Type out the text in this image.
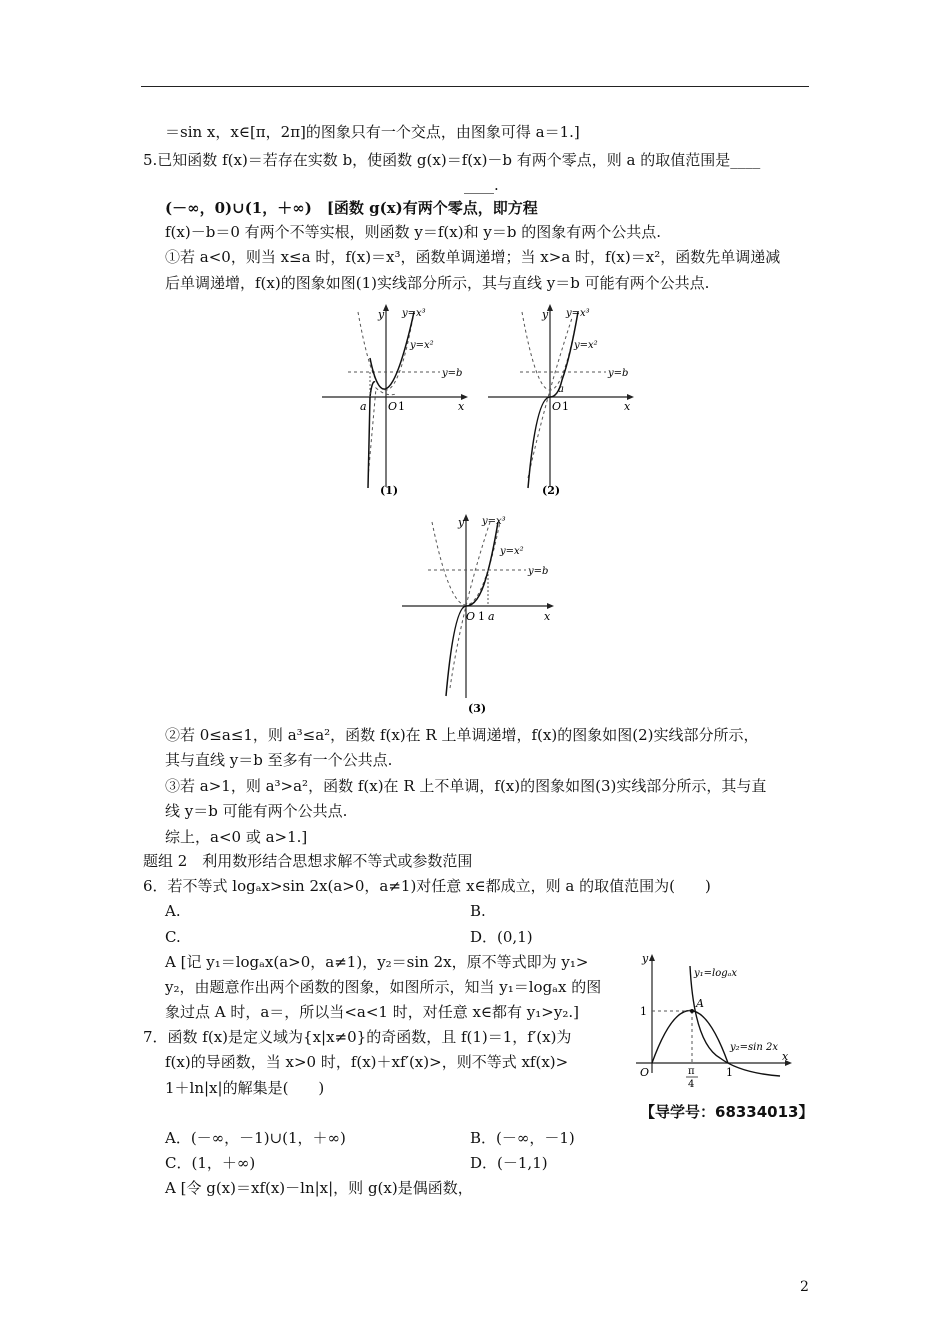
＝sin x，x∈[π，2π]的图象只有一个交点，由图象可得 a＝1.]
5.已知函数 f(x)＝若存在实数 b，使函数 g(x)＝f(x)－b 有两个零点，则 a 的取值范围是____
____.
(－∞，0)∪(1，＋∞)　[函数 g(x)有两个零点，即方程
f(x)－b＝0 有两个不等实根，则函数 y＝f(x)和 y＝b 的图象有两个公共点.
①若 a<0，则当 x≤a 时，f(x)＝x³，函数单调递增；当 x>a 时，f(x)＝x²，函数先单调递减
后单调递增，f(x)的图象如图(1)实线部分所示，其与直线 y＝b 可能有两个公共点.
y
x
O 1
a
y=x³
y=x²
y=b
(1)
y
x
O 1
a
y=x³
y=x²
y=b
(2)
y
x
O 1 a
y=x³
y=x²
y=b
(3)
②若 0≤a≤1，则 a³≤a²，函数 f(x)在 R 上单调递增，f(x)的图象如图(2)实线部分所示，
其与直线 y＝b 至多有一个公共点.
③若 a>1，则 a³>a²，函数 f(x)在 R 上不单调，f(x)的图象如图(3)实线部分所示，其与直
线 y＝b 可能有两个公共点.
综上，a<0 或 a>1.]
题组 2　利用数形结合思想求解不等式或参数范围
6．若不等式 logₐx>sin 2x(a>0，a≠1)对任意 x∈都成立，则 a 的取值范围为(　　)
A.	B.
C.	D．(0,1)
A [记 y₁＝logₐx(a>0，a≠1)，y₂＝sin 2x，原不等式即为 y₁>
y₂，由题意作出两个函数的图象，如图所示，知当 y₁＝logₐx 的图
象过点 A 时，a＝，所以当<a<1 时，对任意 x∈都有 y₁>y₂.]
7．函数 f(x)是定义域为{x|x≠0}的奇函数，且 f(1)＝1，f′(x)为
f(x)的导函数，当 x>0 时，f(x)＋xf′(x)>，则不等式 xf(x)>
1＋ln|x|的解集是(　　)
y
x
O
1
1
A
π
4
y₁=logₐx
y₂=sin 2x
【导学号：68334013】
A．(－∞，－1)∪(1，＋∞)	B．(－∞，－1)
C．(1，＋∞)	D．(－1,1)
A [令 g(x)＝xf(x)－ln|x|，则 g(x)是偶函数，
2
